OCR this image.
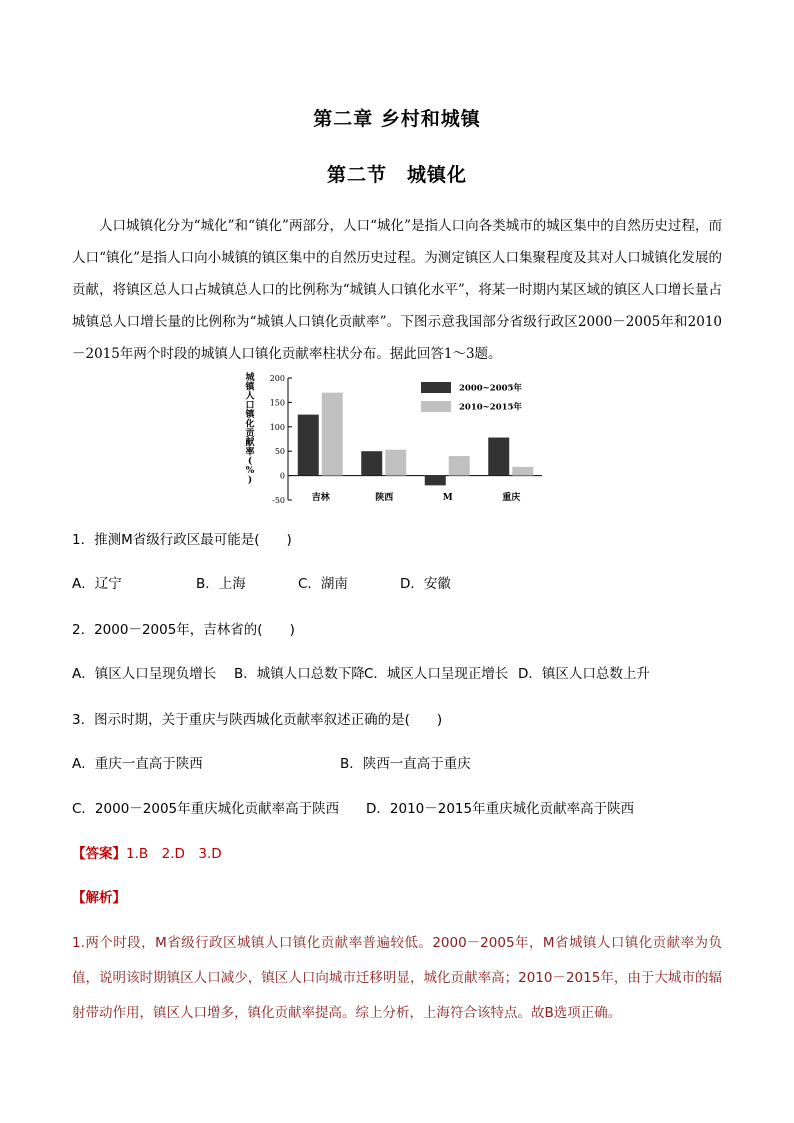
第二章 乡村和城镇
第二节　城镇化
人口城镇化分为“城化”和“镇化”两部分，人口“城化”是指人口向各类城市的城区集中的自然历史过程，而人口“镇化”是指人口向小城镇的镇区集中的自然历史过程。为测定镇区人口集聚程度及其对人口城镇化发展的贡献，将镇区总人口占城镇总人口的比例称为“城镇人口镇化水平”，将某一时期内某区域的镇区人口增长量占城镇总人口增长量的比例称为“城镇人口镇化贡献率”。下图示意我国部分省级行政区2000－2005年和2010－2015年两个时段的城镇人口镇化贡献率柱状分布。据此回答1～3题。
200
150
100
50
0
-50
城
镇
人
口
镇
化
贡
献
率
(
%
)
吉林	陕西	M	重庆
2000~2005年
2010~2015年
1．推测M省级行政区最可能是(　　)
A．辽宁	B．上海	C．湖南	D．安徽
2．2000－2005年，吉林省的(　　)
A．镇区人口呈现负增长 B．城镇人口总数下降 C．城区人口呈现正增长 D．镇区人口总数上升
3．图示时期，关于重庆与陕西城化贡献率叙述正确的是(　　)
A．重庆一直高于陕西	B．陕西一直高于重庆
C．2000－2005年重庆城化贡献率高于陕西 D．2010－2015年重庆城化贡献率高于陕西
【答案】1.B　2.D　3.D
【解析】
1.两个时段，M省级行政区城镇人口镇化贡献率普遍较低。2000－2005年，M省城镇人口镇化贡献率为负值，说明该时期镇区人口减少，镇区人口向城市迁移明显，城化贡献率高；2010－2015年，由于大城市的辐射带动作用，镇区人口增多，镇化贡献率提高。综上分析，上海符合该特点。故B选项正确。
